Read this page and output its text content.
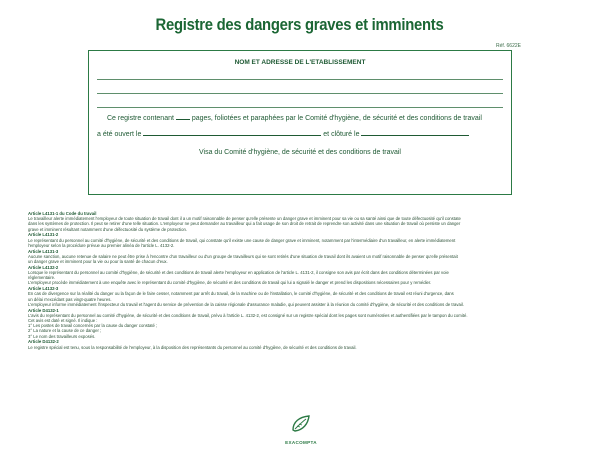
Registre des dangers graves et imminents
Réf. 6622E
NOM ET ADRESSE DE L'ETABLISSEMENT
Ce registre contenant	pages, foliotées et paraphées par le Comité d'hygiène, de sécurité et des conditions de travail
a été ouvert le	et clôturé le
Visa du Comité d'hygiène, de sécurité et des conditions de travail
Article L4131-1 du Code du travail

Le travailleur alerte immédiatement l'employeur de toute situation de travail dont il a un motif raisonnable de penser qu'elle présente un danger grave et imminent pour sa vie ou sa santé ainsi que de toute défectuosité qu'il constate

dans les systèmes de protection. Il peut se retirer d'une telle situation. L'employeur ne peut demander au travailleur qui a fait usage de son droit de retrait de reprendre son activité dans une situation de travail où persiste un danger

grave et imminent résultant notamment d'une défectuosité du système de protection.

Article L4131-2

Le représentant du personnel au comité d'hygiène, de sécurité et des conditions de travail, qui constate qu'il existe une cause de danger grave et imminent, notamment par l'intermédiaire d'un travailleur, en alerte immédiatement

l'employeur selon la procédure prévue au premier alinéa de l'article L. 4132-2.

Article L4131-3

Aucune sanction, aucune retenue de salaire ne peut être prise à l'encontre d'un travailleur ou d'un groupe de travailleurs qui se sont retirés d'une situation de travail dont ils avaient un motif raisonnable de penser qu'elle présentait

un danger grave et imminent pour la vie ou pour la santé de chacun d'eux.

Article L4132-2

Lorsque le représentant du personnel au comité d'hygiène, de sécurité et des conditions de travail alerte l'employeur en application de l'article L. 4131-2, il consigne son avis par écrit dans des conditions déterminées par voie

réglementaire.

L'employeur procède immédiatement à une enquête avec le représentant du comité d'hygiène, de sécurité et des conditions de travail qui lui a signalé le danger et prend les dispositions nécessaires pour y remédier.

Article L4132-3

En cas de divergence sur la réalité du danger ou la façon de le faire cesser, notamment par arrêt du travail, de la machine ou de l'installation, le comité d'hygiène, de sécurité et des conditions de travail est réuni d'urgence, dans

un délai n'excédant pas vingt-quatre heures.

L'employeur informe immédiatement l'inspecteur du travail et l'agent du service de prévention de la caisse régionale d'assurance maladie, qui peuvent assister à la réunion du comité d'hygiène, de sécurité et des conditions de travail.

Article D4132-1

L'avis du représentant du personnel au comité d'hygiène, de sécurité et des conditions de travail, prévu à l'article L. 4132-2, est consigné sur un registre spécial dont les pages sont numérotées et authentifiées par le tampon du comité.

Cet avis est daté et signé. Il indique :

1° Les postes de travail concernés par la cause du danger constaté ;

2° La nature et la cause de ce danger ;

3° Le nom des travailleurs exposés.

Article D4132-2

Le registre spécial est tenu, sous la responsabilité de l'employeur, à la disposition des représentants du personnel au comité d'hygiène, de sécurité et des conditions de travail.

EXACOMPTA
